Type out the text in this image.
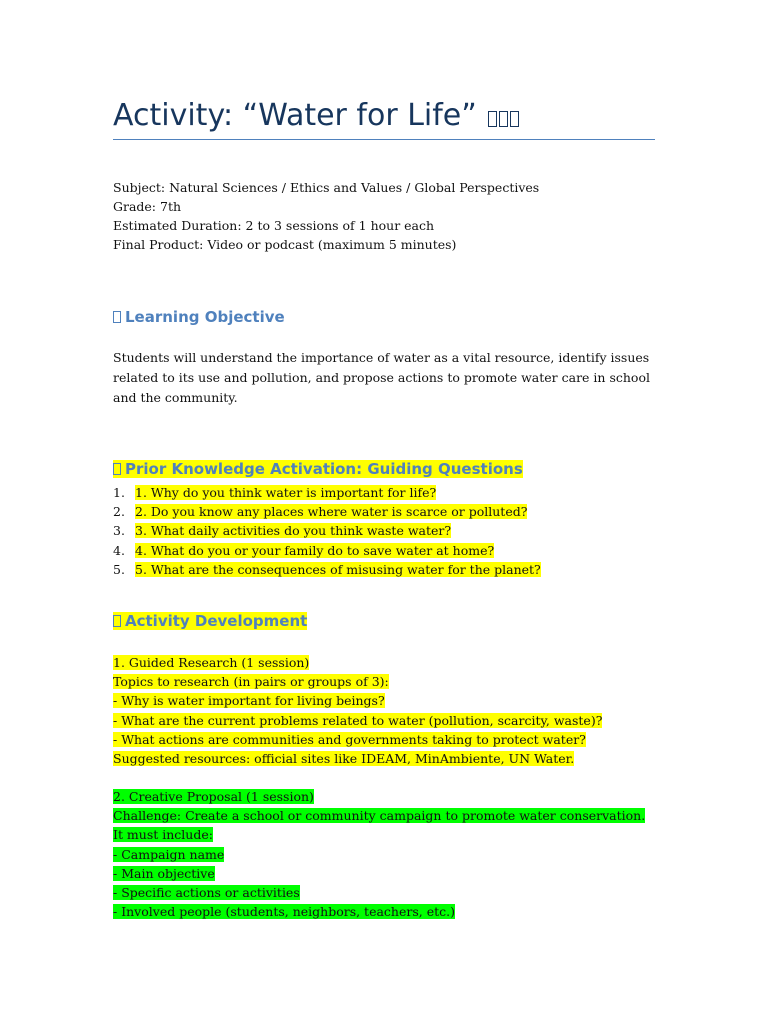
Activity: “Water for Life”
Subject: Natural Sciences / Ethics and Values / Global Perspectives
Grade: 7th
Estimated Duration: 2 to 3 sessions of 1 hour each
Final Product: Video or podcast (maximum 5 minutes)
Learning Objective
Students will understand the importance of water as a vital resource, identify issues related to its use and pollution, and propose actions to promote water care in school and the community.
Prior Knowledge Activation: Guiding Questions
1. 1. Why do you think water is important for life?
2. 2. Do you know any places where water is scarce or polluted?
3. 3. What daily activities do you think waste water?
4. 4. What do you or your family do to save water at home?
5. 5. What are the consequences of misusing water for the planet?
Activity Development
1. Guided Research (1 session)
Topics to research (in pairs or groups of 3):
- Why is water important for living beings?
- What are the current problems related to water (pollution, scarcity, waste)?
- What actions are communities and governments taking to protect water?
Suggested resources: official sites like IDEAM, MinAmbiente, UN Water.
2. Creative Proposal (1 session)
Challenge: Create a school or community campaign to promote water conservation.
It must include:
- Campaign name
- Main objective
- Specific actions or activities
- Involved people (students, neighbors, teachers, etc.)
